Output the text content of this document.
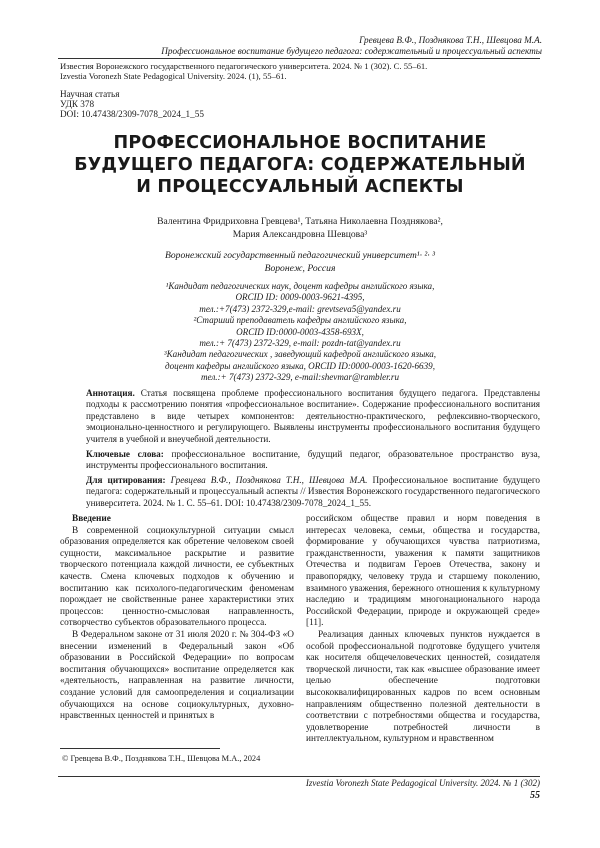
Гревцева В.Ф., Позднякова Т.Н., Шевцова М.А.
Профессиональное воспитание будущего педагога: содержательный и процессуальный аспекты
Известия Воронежского государственного педагогического университета. 2024. № 1 (302). С. 55–61.
Izvestia Voronezh State Pedagogical University. 2024. (1), 55–61.
Научная статья
УДК 378
DOI: 10.47438/2309-7078_2024_1_55
ПРОФЕССИОНАЛЬНОЕ ВОСПИТАНИЕ
БУДУЩЕГО ПЕДАГОГА: СОДЕРЖАТЕЛЬНЫЙ
И ПРОЦЕССУАЛЬНЫЙ АСПЕКТЫ
Валентина Фридриховна Гревцева¹, Татьяна Николаевна Позднякова²,
Мария Александровна Шевцова³
Воронежский государственный педагогический университет¹· ²· ³
Воронеж, Россия
¹Кандидат педагогических наук, доцент кафедры английского языка,
ORCID ID: 0009-0003-9621-4395,
тел.:+7(473) 2372-329,e-mail: grevtseva5@yandex.ru
²Старший преподаватель кафедры английского языка,
ORCID ID:0000-0003-4358-693X,
тел.:+ 7(473) 2372-329, e-mail: pozdn-tat@yandex.ru
³Кандидат педагогических , заведующий кафедрой английского языка,
доцент кафедры английского языка, ORCID ID:0000-0003-1620-6639,
тел.:+ 7(473) 2372-329, e-mail:shevmar@rambler.ru
Аннотация. Статья посвящена проблеме профессионального воспитания будущего педагога. Представлены подходы к рассмотрению понятия «профессиональное воспитание». Содержание профессионального воспитания представлено в виде четырех компонентов: деятельностно-практического, рефлексивно-творческого, эмоционально-ценностного и регулирующего. Выявлены инструменты профессионального воспитания будущего учителя в учебной и внеучебной деятельности.
Ключевые слова: профессиональное воспитание, будущий педагог, образовательное пространство вуза, инструменты профессионального воспитания.
Для цитирования: Гревцева В.Ф., Позднякова Т.Н., Шевцова М.А. Профессиональное воспитание будущего педагога: содержательный и процессуальный аспекты // Известия Воронежского государственного педагогического университета. 2024. № 1. С. 55–61. DOI: 10.47438/2309-7078_2024_1_55.

Введение

В современной социокультурной ситуации смысл образования определяется как обретение человеком своей сущности, максимальное раскрытие и развитие творческого потенциала каждой личности, ее субъектных качеств. Смена ключевых подходов к обучению и воспитанию как психолого-педагогическим феноменам порождает не свойственные ранее характеристики этих процессов: ценностно-смысловая направленность, сотворчество субъектов образовательного процесса.

В Федеральном законе от 31 июля 2020 г. № 304-ФЗ «О внесении изменений в Федеральный закон «Об образовании в Российской Федерации» по вопросам воспитания обучающихся» воспитание определяется как «деятельность, направленная на развитие личности, создание условий для самоопределения и социализации обучающихся на основе социокультурных, духовно-нравственных ценностей и принятых в

российском обществе правил и норм поведения в интересах человека, семьи, общества и государства, формирование у обучающихся чувства патриотизма, гражданственности, уважения к памяти защитников Отечества и подвигам Героев Отечества, закону и правопорядку, человеку труда и старшему поколению, взаимного уважения, бережного отношения к культурному наследию и традициям многонационального народа Российской Федерации, природе и окружающей среде» [11].

Реализация данных ключевых пунктов нуждается в особой профессиональной подготовке будущего учителя как носителя общечеловеческих ценностей, созидателя творческой личности, так как «высшее образование имеет целью обеспечение подготовки высококвалифицированных кадров по всем основным направлениям общественно полезной деятельности в соответствии с потребностями общества и государства, удовлетворение потребностей личности в интеллектуальном, культурном и нравственном

© Гревцева В.Ф., Позднякова Т.Н., Шевцова М.А., 2024
Izvestia Voronezh State Pedagogical University. 2024. № 1 (302)
55
